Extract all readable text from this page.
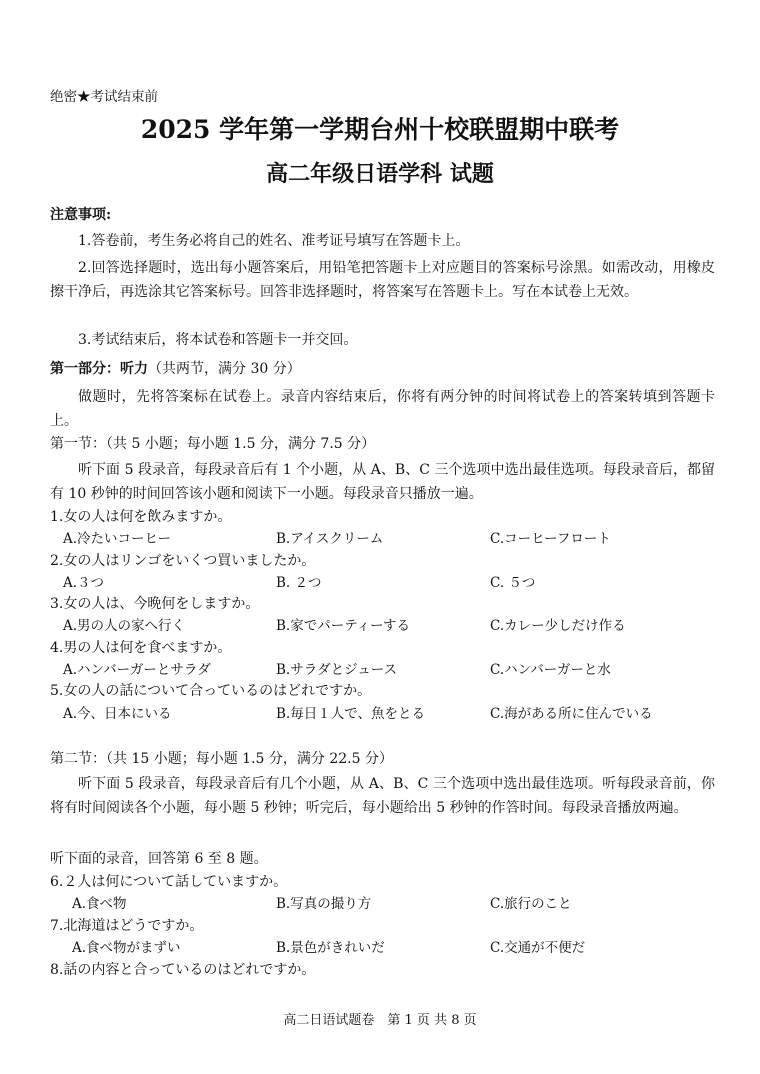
绝密★考试结束前
2025 学年第一学期台州十校联盟期中联考
高二年级日语学科 试题
注意事项:
1.答卷前，考生务必将自己的姓名、准考证号填写在答题卡上。
2.回答选择题时，选出每小题答案后，用铅笔把答题卡上对应题目的答案标号涂黑。如需改动，用橡皮擦干净后，再选涂其它答案标号。回答非选择题时，将答案写在答题卡上。写在本试卷上无效。
3.考试结束后，将本试卷和答题卡一并交回。
第一部分：听力（共两节，满分 30 分）
做题时，先将答案标在试卷上。录音内容结束后，你将有两分钟的时间将试卷上的答案转填到答题卡上。
第一节：（共 5 小题；每小题 1.5 分，满分 7.5 分）
听下面 5 段录音，每段录音后有 1 个小题，从 A、B、C 三个选项中选出最佳选项。每段录音后，都留有 10 秒钟的时间回答该小题和阅读下一小题。每段录音只播放一遍。
1.女の人は何を飲みますか。
A.冷たいコーヒー	B.アイスクリーム	C.コーヒーフロート
2.女の人はリンゴをいくつ買いましたか。
A.３つ	B. ２つ	C. ５つ
3.女の人は、今晩何をしますか。
A.男の人の家へ行く	B.家でパーティーする	C.カレー少しだけ作る
4.男の人は何を食べますか。
A.ハンバーガーとサラダ	B.サラダとジュース	C.ハンバーガーと水
5.女の人の話について合っているのはどれですか。
A.今、日本にいる	B.毎日１人で、魚をとる	C.海がある所に住んでいる
第二节：（共 15 小题；每小题 1.5 分，满分 22.5 分）
听下面 5 段录音，每段录音后有几个小题，从 A、B、C 三个选项中选出最佳选项。听每段录音前，你将有时间阅读各个小题，每小题 5 秒钟；听完后，每小题给出 5 秒钟的作答时间。每段录音播放两遍。
听下面的录音，回答第 6 至 8 题。
6.２人は何について話していますか。
A.食べ物	B.写真の撮り方	C.旅行のこと
7.北海道はどうですか。
A.食べ物がまずい	B.景色がきれいだ	C.交通が不便だ
8.話の内容と合っているのはどれですか。
高二日语试题卷　第 1 页 共 8 页
